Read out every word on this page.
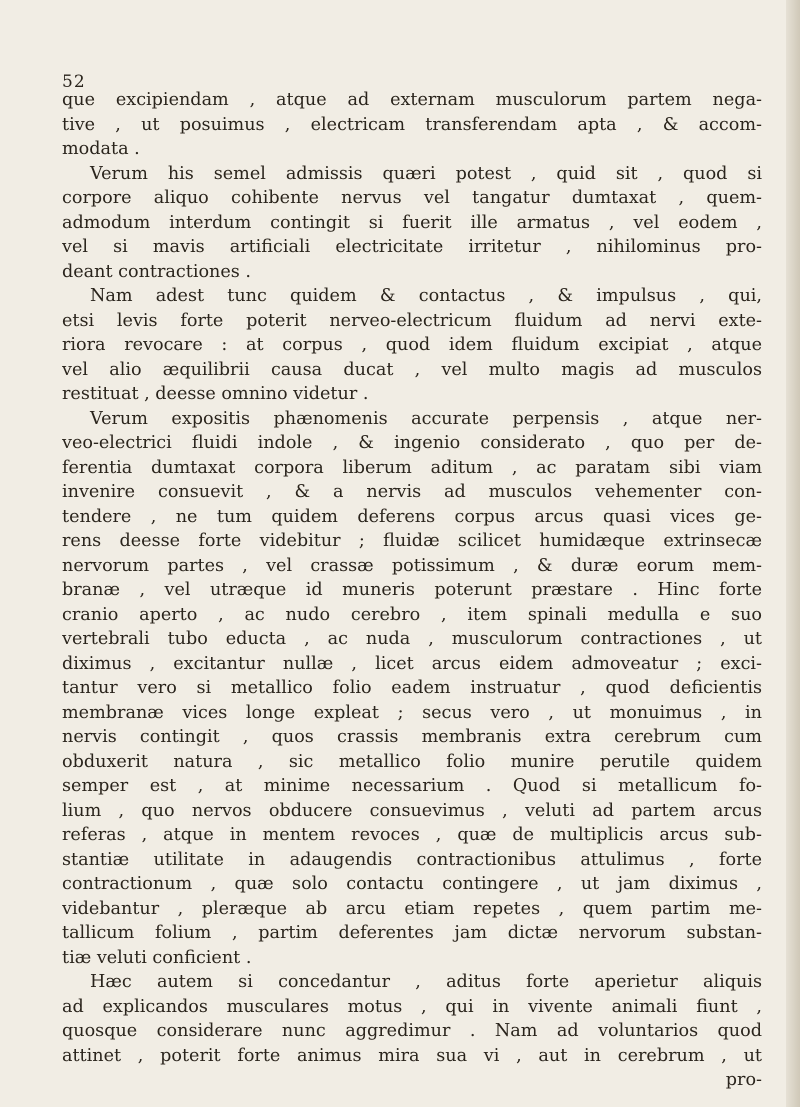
52
que excipiendam , atque ad externam musculorum partem nega-
tive , ut posuimus , electricam transferendam apta , & accom-
modata .
Verum his semel admissis quæri potest , quid sit , quod si
corpore aliquo cohibente nervus vel tangatur dumtaxat , quem-
admodum interdum contingit si fuerit ille armatus , vel eodem ,
vel si mavis artificiali electricitate irritetur , nihilominus pro-
deant contractiones .
Nam adest tunc quidem & contactus , & impulsus , qui,
etsi levis forte poterit nerveo-electricum fluidum ad nervi exte-
riora revocare : at corpus , quod idem fluidum excipiat , atque
vel alio æquilibrii causa ducat , vel multo magis ad musculos
restituat , deesse omnino videtur .
Verum expositis phænomenis accurate perpensis , atque ner-
veo-electrici fluidi indole , & ingenio considerato , quo per de-
ferentia dumtaxat corpora liberum aditum , ac paratam sibi viam
invenire consuevit , & a nervis ad musculos vehementer con-
tendere , ne tum quidem deferens corpus arcus quasi vices ge-
rens deesse forte videbitur ; fluidæ scilicet humidæque extrinsecæ
nervorum partes , vel crassæ potissimum , & duræ eorum mem-
branæ , vel utræque id muneris poterunt præstare . Hinc forte
cranio aperto , ac nudo cerebro , item spinali medulla e suo
vertebrali tubo educta , ac nuda , musculorum contractiones , ut
diximus , excitantur nullæ , licet arcus eidem admoveatur ; exci-
tantur vero si metallico folio eadem instruatur , quod deficientis
membranæ vices longe expleat ; secus vero , ut monuimus , in
nervis contingit , quos crassis membranis extra cerebrum cum
obduxerit natura , sic metallico folio munire perutile quidem
semper est , at minime necessarium . Quod si metallicum fo-
lium , quo nervos obducere consuevimus , veluti ad partem arcus
referas , atque in mentem revoces , quæ de multiplicis arcus sub-
stantiæ utilitate in adaugendis contractionibus attulimus , forte
contractionum , quæ solo contactu contingere , ut jam diximus ,
videbantur , pleræque ab arcu etiam repetes , quem partim me-
tallicum folium , partim deferentes jam dictæ nervorum substan-
tiæ veluti conficient .
Hæc autem si concedantur , aditus forte aperietur aliquis
ad explicandos musculares motus , qui in vivente animali fiunt ,
quosque considerare nunc aggredimur . Nam ad voluntarios quod
attinet , poterit forte animus mira sua vi , aut in cerebrum , ut
pro-
